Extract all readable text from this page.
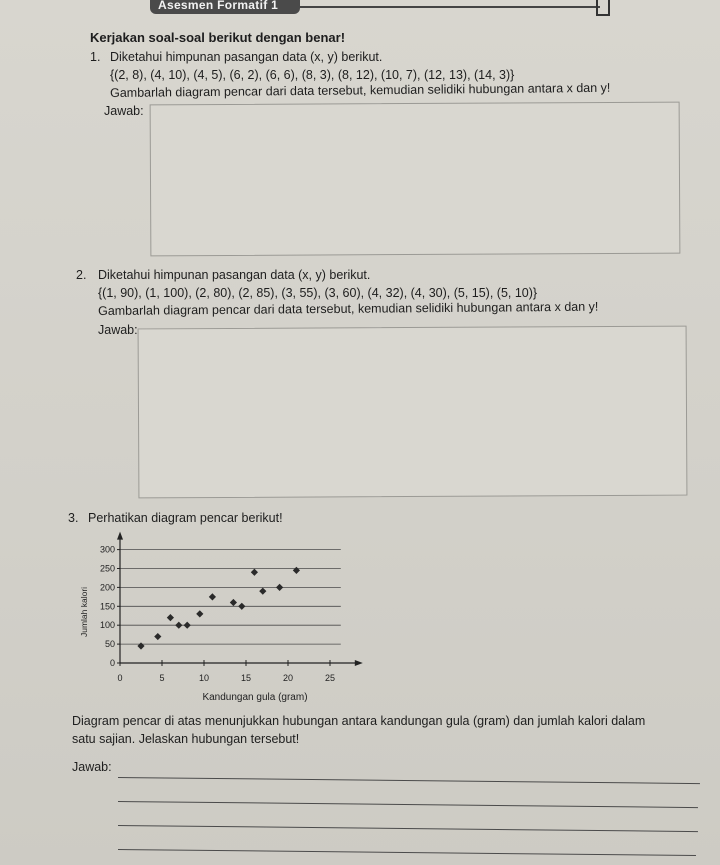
Asesmen Formatif 1
Kerjakan soal-soal berikut dengan benar!
1. Diketahui himpunan pasangan data (x, y) berikut.
{(2, 8), (4, 10), (4, 5), (6, 2), (6, 6), (8, 3), (8, 12), (10, 7), (12, 13), (14, 3)}
Gambarlah diagram pencar dari data tersebut, kemudian selidiki hubungan antara x dan y!
Jawab:
2. Diketahui himpunan pasangan data (x, y) berikut.
{(1, 90), (1, 100), (2, 80), (2, 85), (3, 55), (3, 60), (4, 32), (4, 30), (5, 15), (5, 10)}
Gambarlah diagram pencar dari data tersebut, kemudian selidiki hubungan antara x dan y!
Jawab:
3. Perhatikan diagram pencar berikut!
0
50
100
150
200
250
300
0	5	10	15	20	25
Kandungan gula (gram)
Jumlah kalori
Diagram pencar di atas menunjukkan hubungan antara kandungan gula (gram) dan jumlah kalori dalam
satu sajian. Jelaskan hubungan tersebut!
Jawab:
